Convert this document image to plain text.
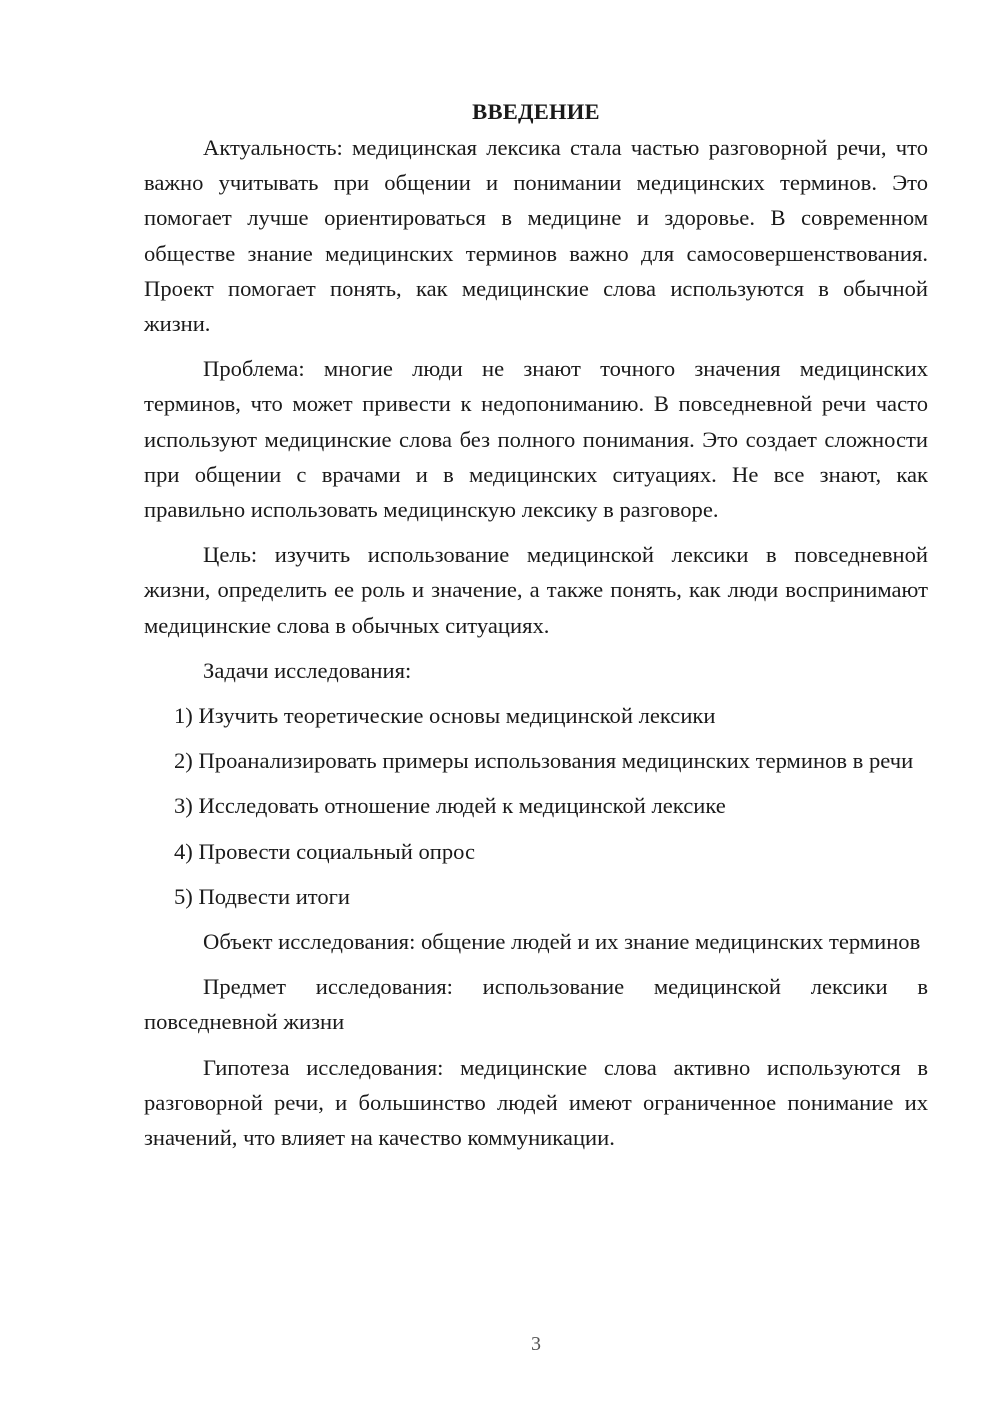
ВВЕДЕНИЕ

Актуальность: медицинская лексика стала частью разговорной речи, что важно учитывать при общении и понимании медицинских терминов. Это помогает лучше ориентироваться в медицине и здоровье. В современном обществе знание медицинских терминов важно для самосовершенствования. Проект помогает понять, как медицинские слова используются в обычной жизни.

Проблема: многие люди не знают точного значения медицинских терминов, что может привести к недопониманию. В повседневной речи часто используют медицинские слова без полного понимания. Это создает сложности при общении с врачами и в медицинских ситуациях. Не все знают, как правильно использовать медицинскую лексику в разговоре.

Цель: изучить использование медицинской лексики в повседневной жизни, определить ее роль и значение, а также понять, как люди воспринимают медицинские слова в обычных ситуациях.

Задачи исследования:

1) Изучить теоретические основы медицинской лексики

2) Проанализировать примеры использования медицинских терминов в речи

3) Исследовать отношение людей к медицинской лексике

4) Провести социальный опрос

5) Подвести итоги

Объект исследования: общение людей и их знание медицинских терминов

Предмет исследования: использование медицинской лексики в повседневной жизни

Гипотеза исследования: медицинские слова активно используются в разговорной речи, и большинство людей имеют ограниченное понимание их значений, что влияет на качество коммуникации.

3
